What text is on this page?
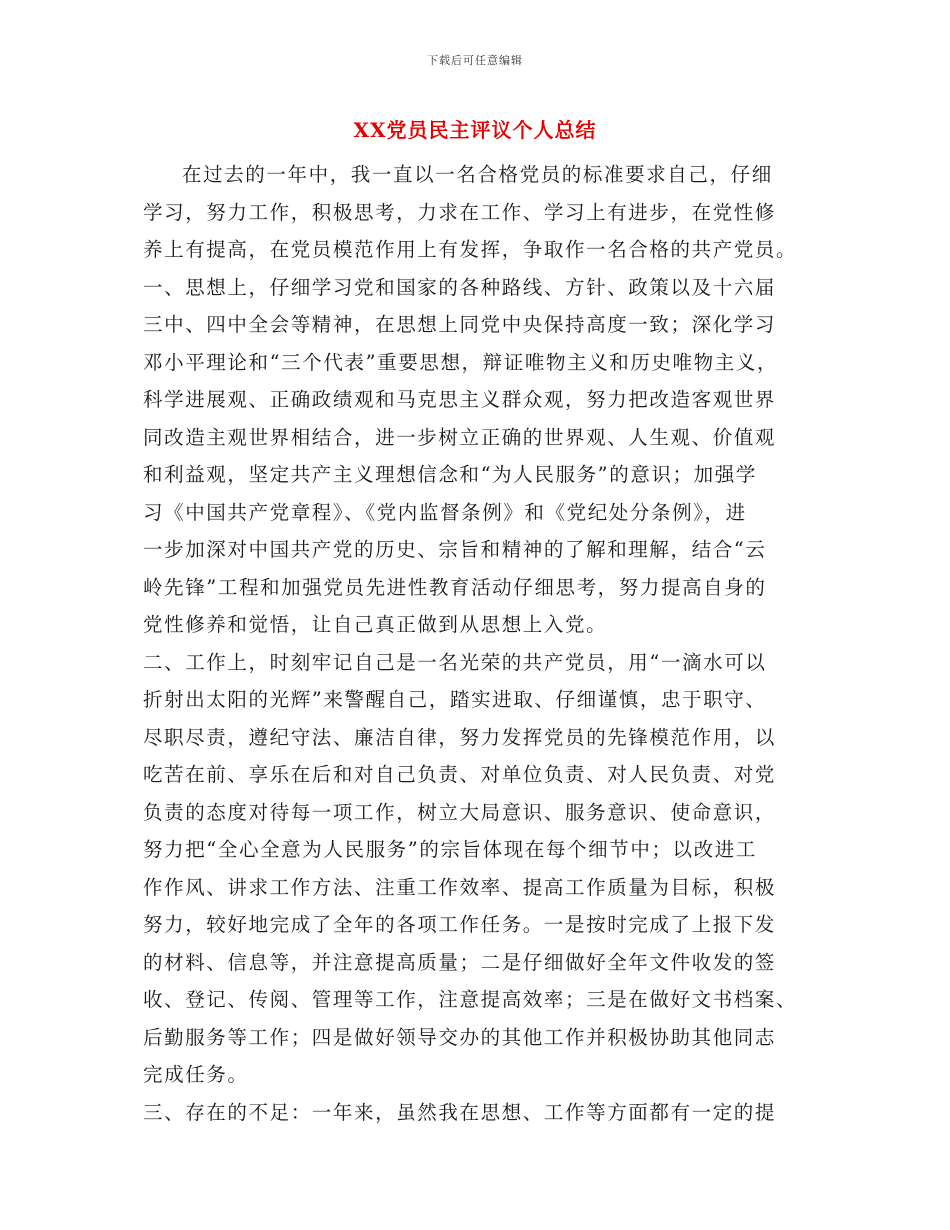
下载后可任意编辑
XX党员民主评议个人总结
在过去的一年中，我一直以一名合格党员的标准要求自己，仔细
学习，努力工作，积极思考，力求在工作、学习上有进步，在党性修
养上有提高，在党员模范作用上有发挥，争取作一名合格的共产党员。
一、思想上，仔细学习党和国家的各种路线、方针、政策以及十六届
三中、四中全会等精神，在思想上同党中央保持高度一致；深化学习
邓小平理论和“三个代表”重要思想，辩证唯物主义和历史唯物主义，
科学进展观、正确政绩观和马克思主义群众观，努力把改造客观世界
同改造主观世界相结合，进一步树立正确的世界观、人生观、价值观
和利益观，坚定共产主义理想信念和“为人民服务”的意识；加强学
习《中国共产党章程》、《党内监督条例》和《党纪处分条例》，进
一步加深对中国共产党的历史、宗旨和精神的了解和理解，结合“云
岭先锋”工程和加强党员先进性教育活动仔细思考，努力提高自身的
党性修养和觉悟，让自己真正做到从思想上入党。
二、工作上，时刻牢记自己是一名光荣的共产党员，用“一滴水可以
折射出太阳的光辉”来警醒自己，踏实进取、仔细谨慎，忠于职守、
尽职尽责，遵纪守法、廉洁自律，努力发挥党员的先锋模范作用，以
吃苦在前、享乐在后和对自己负责、对单位负责、对人民负责、对党
负责的态度对待每一项工作，树立大局意识、服务意识、使命意识，
努力把“全心全意为人民服务”的宗旨体现在每个细节中；以改进工
作作风、讲求工作方法、注重工作效率、提高工作质量为目标，积极
努力，较好地完成了全年的各项工作任务。一是按时完成了上报下发
的材料、信息等，并注意提高质量；二是仔细做好全年文件收发的签
收、登记、传阅、管理等工作，注意提高效率；三是在做好文书档案、
后勤服务等工作；四是做好领导交办的其他工作并积极协助其他同志
完成任务。
三、存在的不足：一年来，虽然我在思想、工作等方面都有一定的提
